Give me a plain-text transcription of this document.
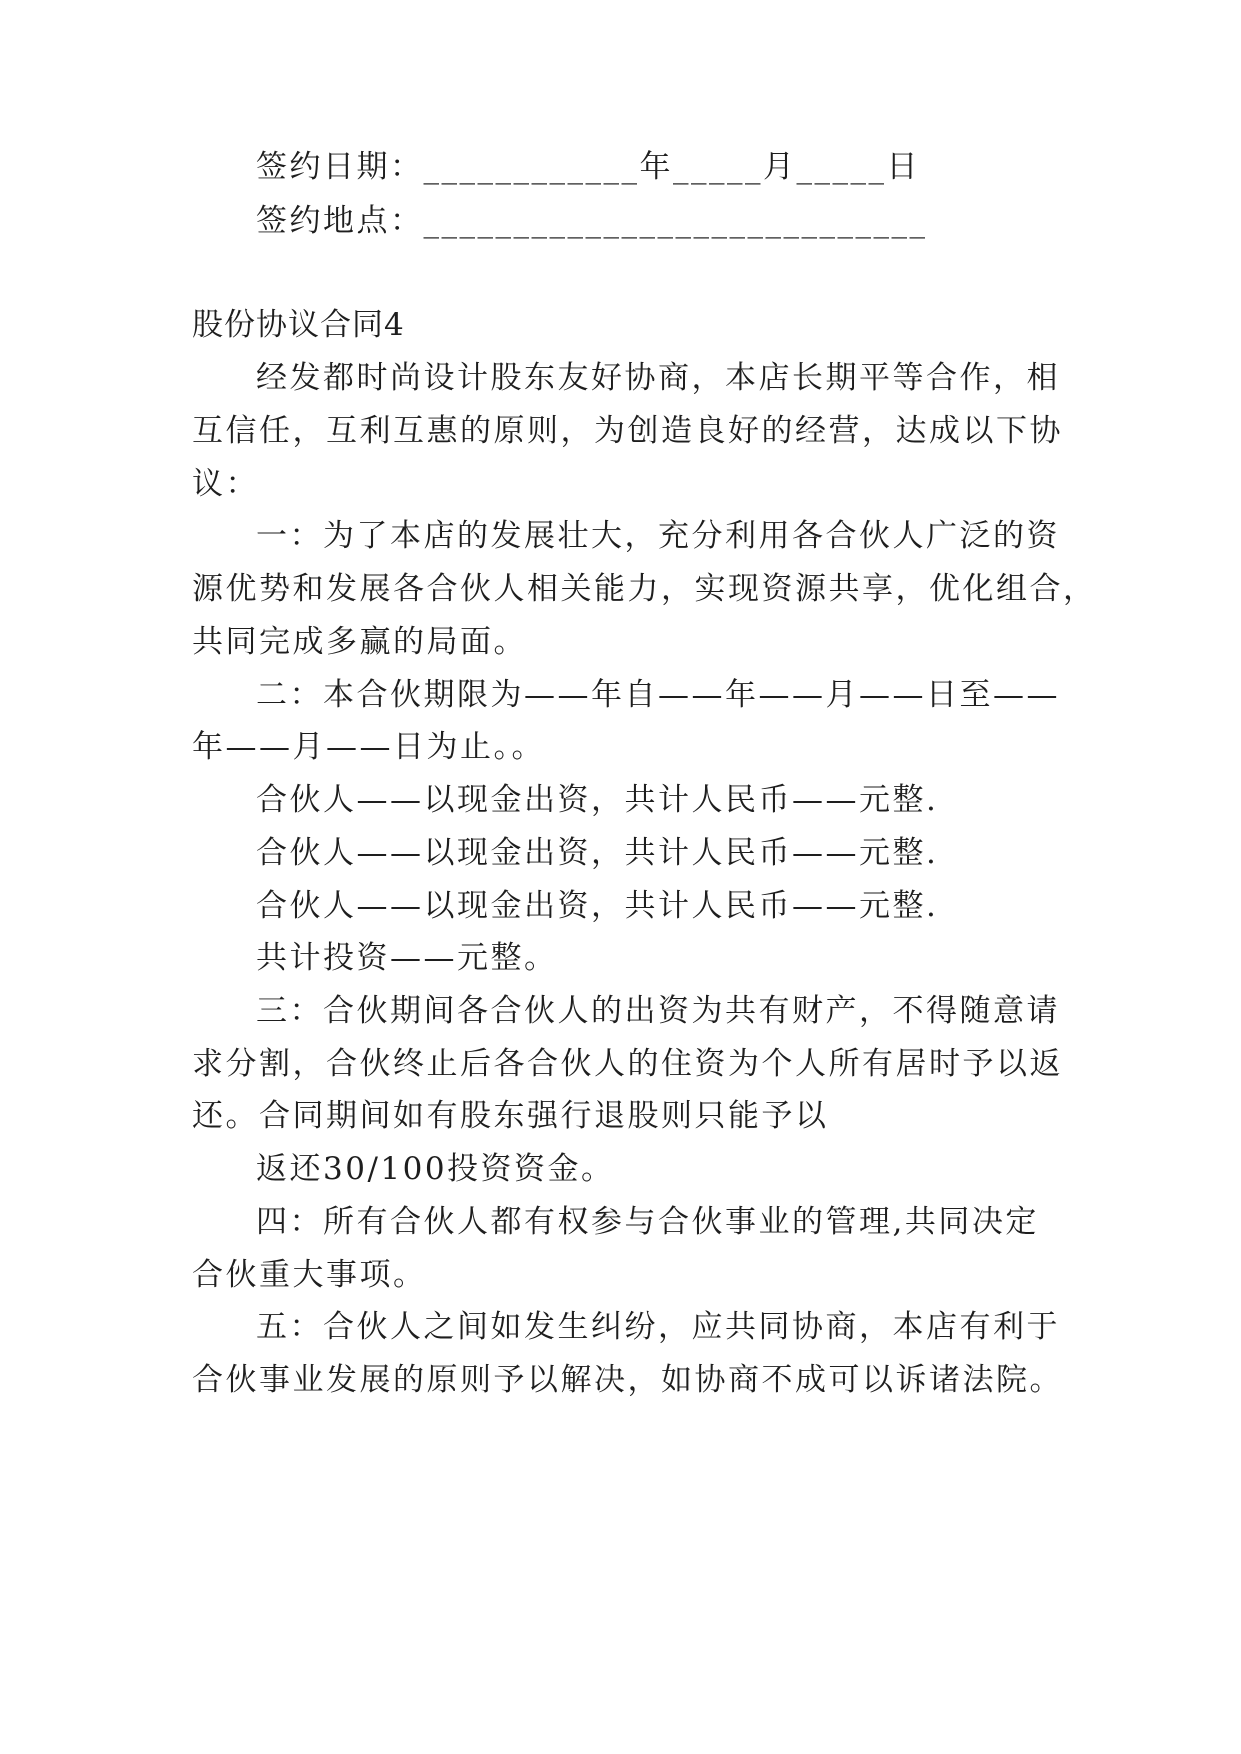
签约日期：____________年_____月_____日
签约地点：____________________________
股份协议合同4
经发都时尚设计股东友好协商，本店长期平等合作，相
互信任，互利互惠的原则，为创造良好的经营，达成以下协
议：
一：为了本店的发展壮大，充分利用各合伙人广泛的资
源优势和发展各合伙人相关能力，实现资源共享，优化组合，
共同完成多赢的局面。
二：本合伙期限为——年自——年——月——日至——
年——月——日为止。。
合伙人——以现金出资，共计人民币——元整.
合伙人——以现金出资，共计人民币——元整.
合伙人——以现金出资，共计人民币——元整.
共计投资——元整。
三：合伙期间各合伙人的出资为共有财产，不得随意请
求分割，合伙终止后各合伙人的住资为个人所有居时予以返
还。合同期间如有股东强行退股则只能予以
返还30/100投资资金。
四：所有合伙人都有权参与合伙事业的管理,共同决定
合伙重大事项。
五：合伙人之间如发生纠纷，应共同协商，本店有利于
合伙事业发展的原则予以解决，如协商不成可以诉诸法院。
